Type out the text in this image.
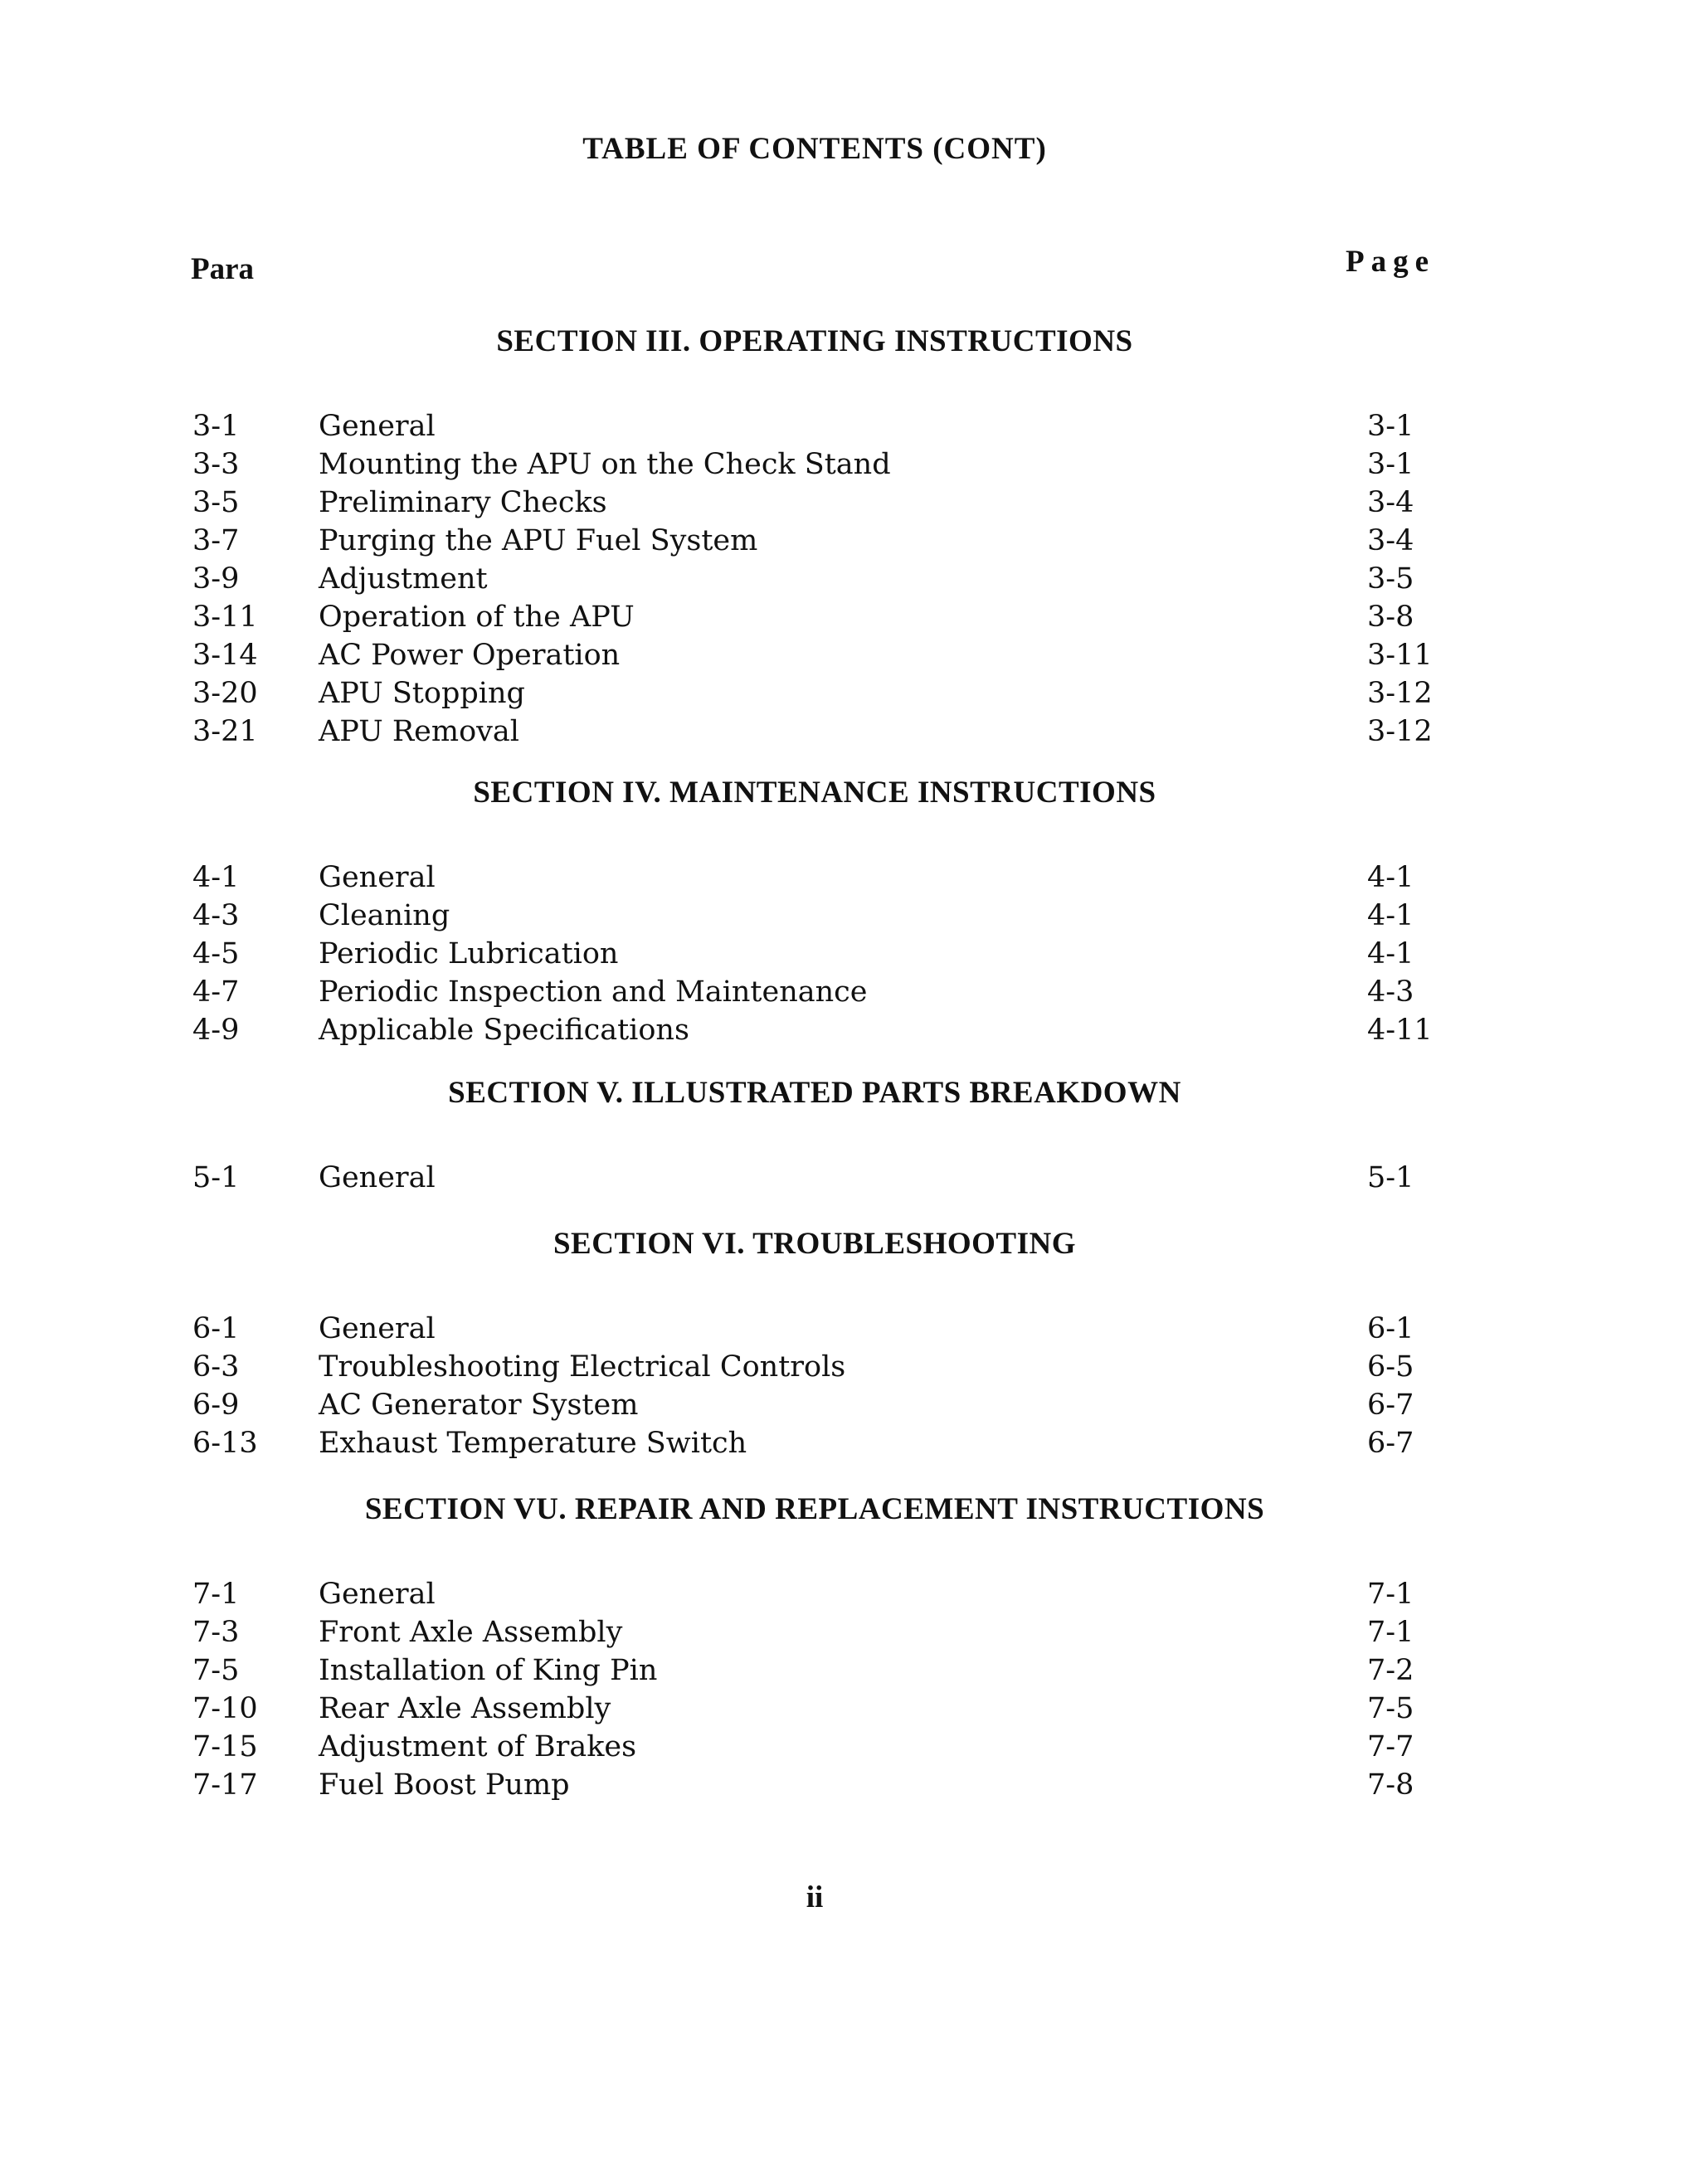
TABLE OF CONTENTS (CONT)
Para	Page
SECTION III. OPERATING INSTRUCTIONS
3-1	General	3-1
3-3	Mounting the APU on the Check Stand	3-1
3-5	Preliminary Checks	3-4
3-7	Purging the APU Fuel System	3-4
3-9	Adjustment	3-5
3-11 Operation of the APU	3-8
3-14 AC Power Operation	3-11
3-20 APU Stopping	3-12
3-21 APU Removal	3-12
SECTION IV. MAINTENANCE INSTRUCTIONS
4-1	General	4-1
4-3	Cleaning	4-1
4-5	Periodic Lubrication	4-1
4-7	Periodic Inspection and Maintenance	4-3
4-9	Applicable Specifications	4-11
SECTION V. ILLUSTRATED PARTS BREAKDOWN
5-1	General	5-1
SECTION VI. TROUBLESHOOTING
6-1	General	6-1
6-3	Troubleshooting Electrical Controls	6-5
6-9	AC Generator System	6-7
6-13 Exhaust Temperature Switch	6-7
SECTION VU. REPAIR AND REPLACEMENT INSTRUCTIONS
7-1	General	7-1
7-3	Front Axle Assembly	7-1
7-5	Installation of King Pin	7-2
7-10 Rear Axle Assembly	7-5
7-15 Adjustment of Brakes	7-7
7-17 Fuel Boost Pump	7-8
ii
